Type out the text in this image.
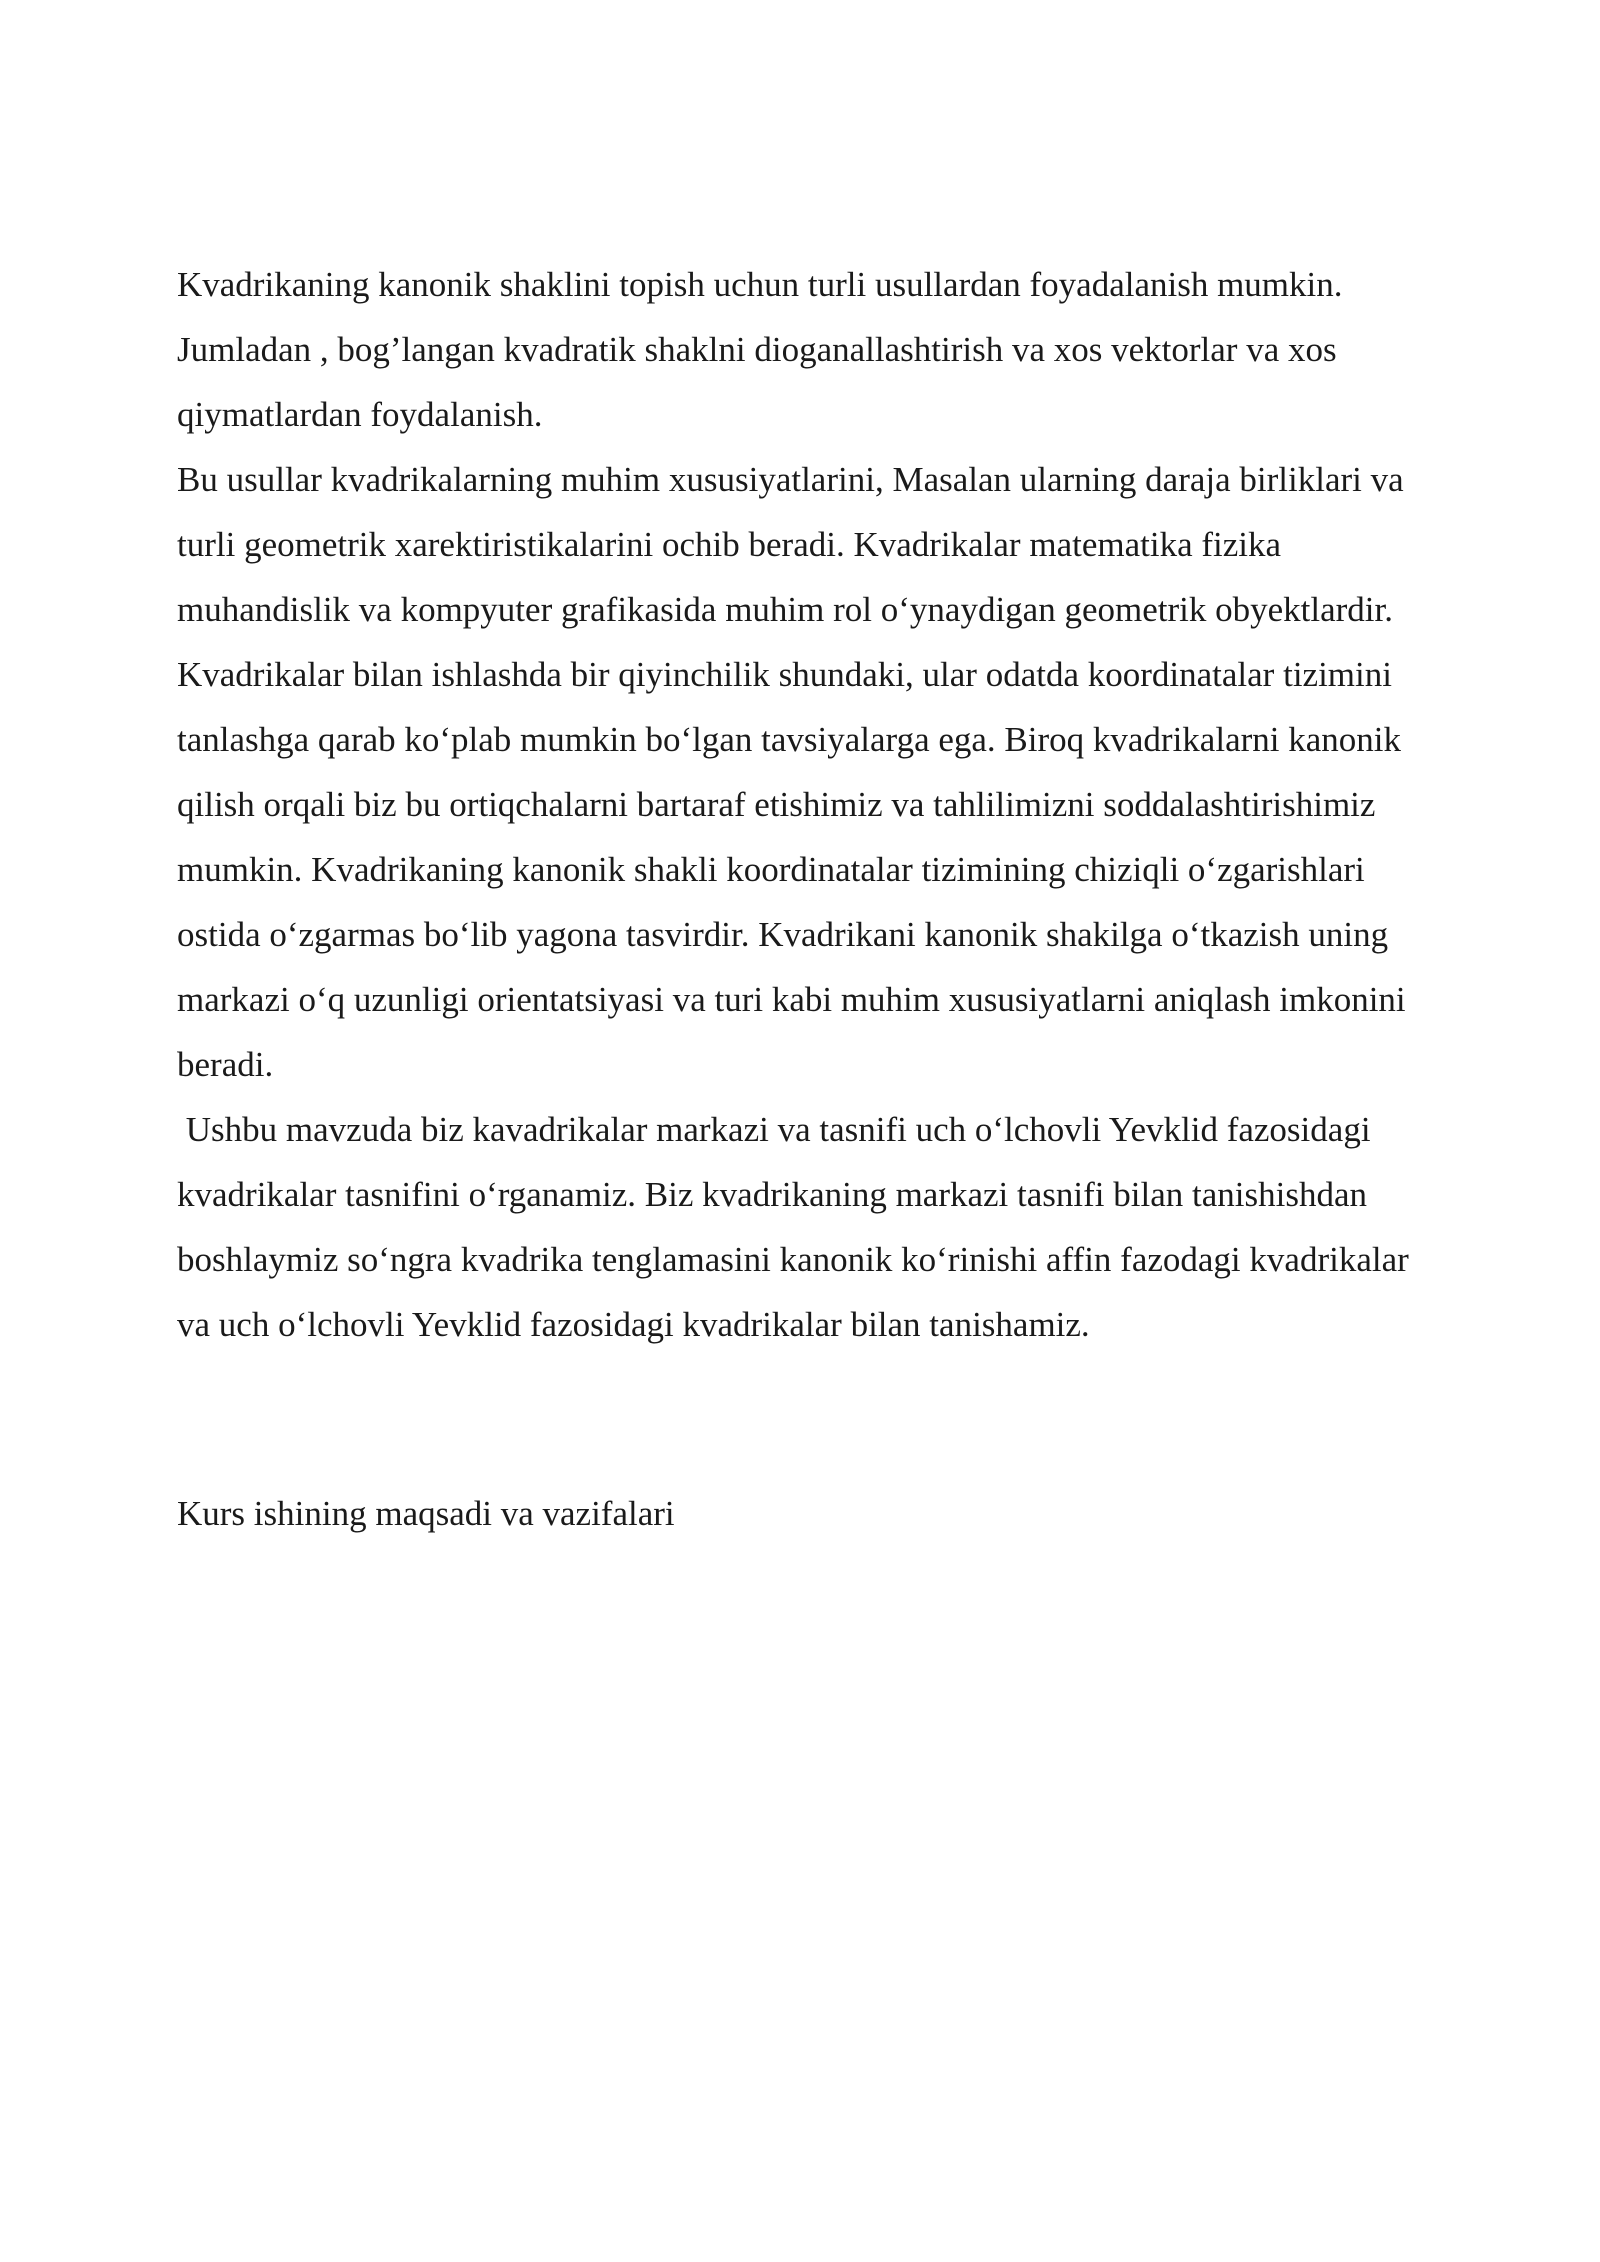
Kvadrikaning kanonik shaklini topish uchun turli usullardan foyadalanish mumkin.
Jumladan , bog’langan kvadratik shaklni dioganallashtirish va xos vektorlar va xos
qiymatlardan foydalanish.
Bu usullar kvadrikalarning muhim xususiyatlarini, Masalan ularning daraja birliklari va
turli geometrik xarektiristikalarini ochib beradi. Kvadrikalar matematika fizika
muhandislik va kompyuter grafikasida muhim rol o‘ynaydigan geometrik obyektlardir.
Kvadrikalar bilan ishlashda bir qiyinchilik shundaki, ular odatda koordinatalar tizimini
tanlashga qarab ko‘plab mumkin bo‘lgan tavsiyalarga ega. Biroq kvadrikalarni kanonik
qilish orqali biz bu ortiqchalarni bartaraf etishimiz va tahlilimizni soddalashtirishimiz
mumkin. Kvadrikaning kanonik shakli koordinatalar tizimining chiziqli o‘zgarishlari
ostida o‘zgarmas bo‘lib yagona tasvirdir. Kvadrikani kanonik shakilga o‘tkazish uning
markazi o‘q uzunligi orientatsiyasi va turi kabi muhim xususiyatlarni aniqlash imkonini
beradi.
Ushbu mavzuda biz kavadrikalar markazi va tasnifi uch o‘lchovli Yevklid fazosidagi
kvadrikalar tasnifini o‘rganamiz. Biz kvadrikaning markazi tasnifi bilan tanishishdan
boshlaymiz so‘ngra kvadrika tenglamasini kanonik ko‘rinishi affin fazodagi kvadrikalar
va uch o‘lchovli Yevklid fazosidagi kvadrikalar bilan tanishamiz.
Kurs ishining maqsadi va vazifalari
